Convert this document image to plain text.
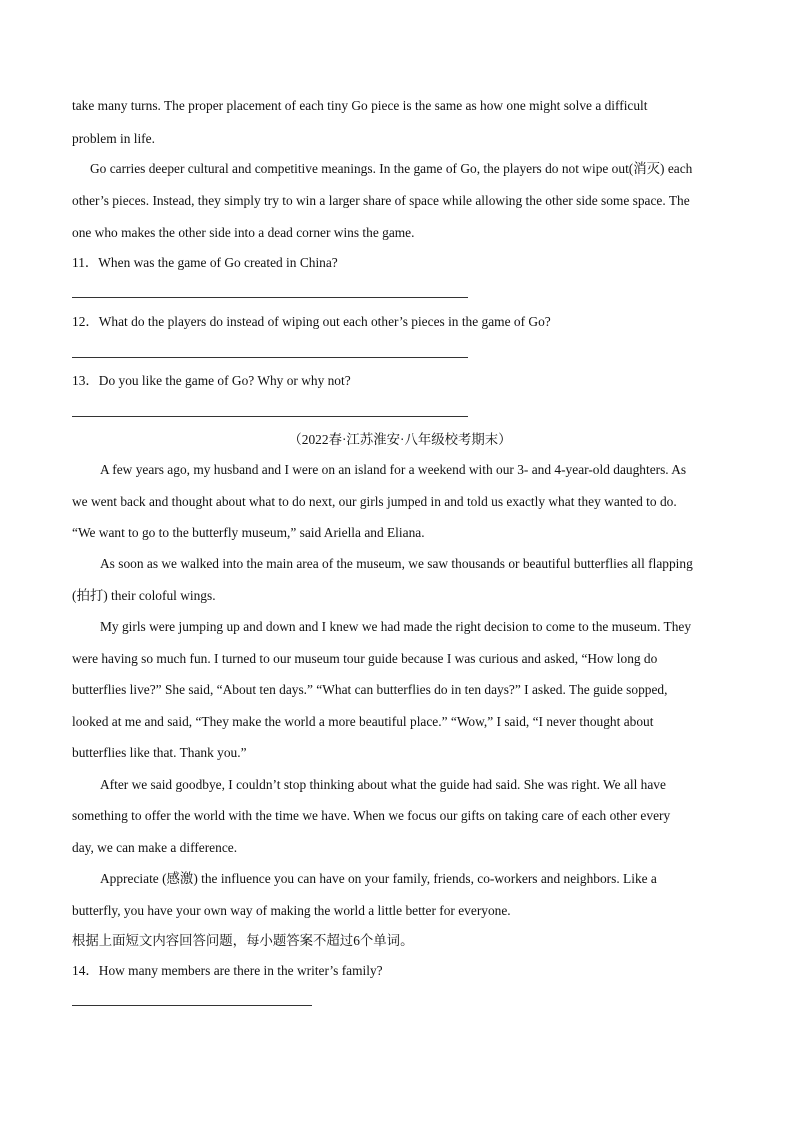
take many turns. The proper placement of each tiny Go piece is the same as how one might solve a difficult
problem in life.
Go carries deeper cultural and competitive meanings. In the game of Go, the players do not wipe out(消灭) each
other’s pieces. Instead, they simply try to win a larger share of space while allowing the other side some space. The
one who makes the other side into a dead corner wins the game.
11．When was the game of Go created in China?
12．What do the players do instead of wiping out each other’s pieces in the game of Go?
13．Do you like the game of Go? Why or why not?
（2022春·江苏淮安·八年级校考期末）
A few years ago, my husband and I were on an island for a weekend with our 3- and 4-year-old daughters. As
we went back and thought about what to do next, our girls jumped in and told us exactly what they wanted to do.
“We want to go to the butterfly museum,” said Ariella and Eliana.
As soon as we walked into the main area of the museum, we saw thousands or beautiful butterflies all flapping
(拍打) their coloful wings.
My girls were jumping up and down and I knew we had made the right decision to come to the museum. They
were having so much fun. I turned to our museum tour guide because I was curious and asked, “How long do
butterflies live?” She said, “About ten days.” “What can butterflies do in ten days?” I asked. The guide sopped,
looked at me and said, “They make the world a more beautiful place.” “Wow,” I said, “I never thought about
butterflies like that. Thank you.”
After we said goodbye, I couldn’t stop thinking about what the guide had said. She was right. We all have
something to offer the world with the time we have. When we focus our gifts on taking care of each other every
day, we can make a difference.
Appreciate (感激) the influence you can have on your family, friends, co-workers and neighbors. Like a
butterfly, you have your own way of making the world a little better for everyone.
根据上面短文内容回答问题，每小题答案不超过6个单词。
14．How many members are there in the writer’s family?
